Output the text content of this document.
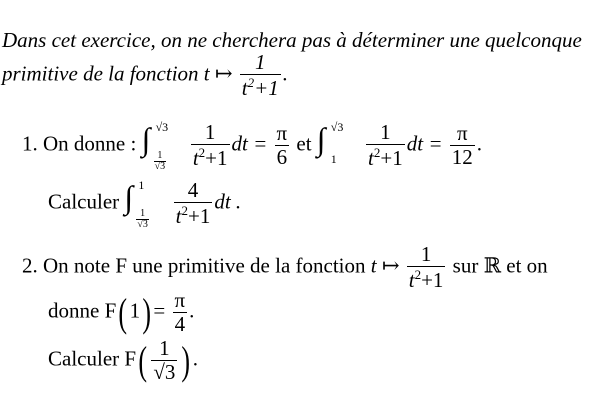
Dans cet exercice, on ne cherchera pas à déterminer une quelconque
primitive de la fonction t ↦ $\frac{1}{t^2+1}$ .
1. On donne : ∫ √3
$\frac{1}{√3}$
$\frac{1}{t^2+1}$ dt = $\frac{\pi}{6}$ et ∫ √3
1
$\frac{1}{t^2+1}$ dt = $\frac{\pi}{12}$ .
Calculer ∫ 1
$\frac{1}{√3}$
$\frac{4}{t^2+1}$ dt .
2. On note F une primitive de la fonction t ↦ $\frac{1}{t^2+1}$ sur ℝ et on
donne F( $1) = \frac{\pi}{4}$ .
Calculer $F( \frac{1}{√3}$ ) .
